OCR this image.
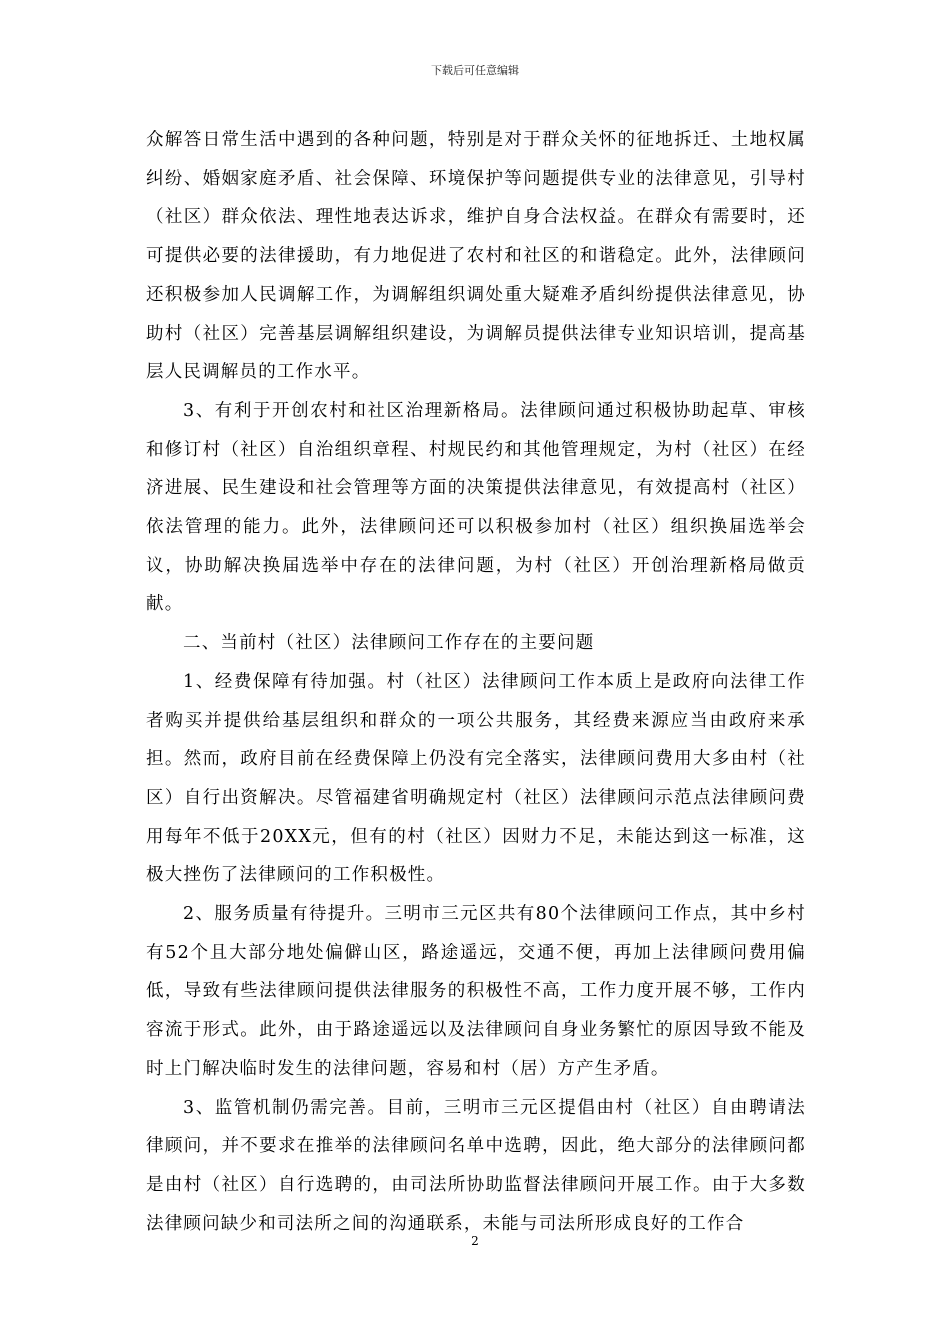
下载后可任意编辑

众解答日常生活中遇到的各种问题，特别是对于群众关怀的征地拆迁、土地权属纠纷、婚姻家庭矛盾、社会保障、环境保护等问题提供专业的法律意见，引导村（社区）群众依法、理性地表达诉求，维护自身合法权益。在群众有需要时，还可提供必要的法律援助，有力地促进了农村和社区的和谐稳定。此外，法律顾问还积极参加人民调解工作，为调解组织调处重大疑难矛盾纠纷提供法律意见，协助村（社区）完善基层调解组织建设，为调解员提供法律专业知识培训，提高基层人民调解员的工作水平。

3、有利于开创农村和社区治理新格局。法律顾问通过积极协助起草、审核和修订村（社区）自治组织章程、村规民约和其他管理规定，为村（社区）在经济进展、民生建设和社会管理等方面的决策提供法律意见，有效提高村（社区）依法管理的能力。此外，法律顾问还可以积极参加村（社区）组织换届选举会议，协助解决换届选举中存在的法律问题，为村（社区）开创治理新格局做贡献。

二、当前村（社区）法律顾问工作存在的主要问题

1、经费保障有待加强。村（社区）法律顾问工作本质上是政府向法律工作者购买并提供给基层组织和群众的一项公共服务，其经费来源应当由政府来承担。然而，政府目前在经费保障上仍没有完全落实，法律顾问费用大多由村（社区）自行出资解决。尽管福建省明确规定村（社区）法律顾问示范点法律顾问费用每年不低于20XX元，但有的村（社区）因财力不足，未能达到这一标准，这极大挫伤了法律顾问的工作积极性。

2、服务质量有待提升。三明市三元区共有80个法律顾问工作点，其中乡村有52个且大部分地处偏僻山区，路途遥远，交通不便，再加上法律顾问费用偏低，导致有些法律顾问提供法律服务的积极性不高，工作力度开展不够，工作内容流于形式。此外，由于路途遥远以及法律顾问自身业务繁忙的原因导致不能及时上门解决临时发生的法律问题，容易和村（居）方产生矛盾。

3、监管机制仍需完善。目前，三明市三元区提倡由村（社区）自由聘请法律顾问，并不要求在推举的法律顾问名单中选聘，因此，绝大部分的法律顾问都是由村（社区）自行选聘的，由司法所协助监督法律顾问开展工作。由于大多数法律顾问缺少和司法所之间的沟通联系，未能与司法所形成良好的工作合

2
